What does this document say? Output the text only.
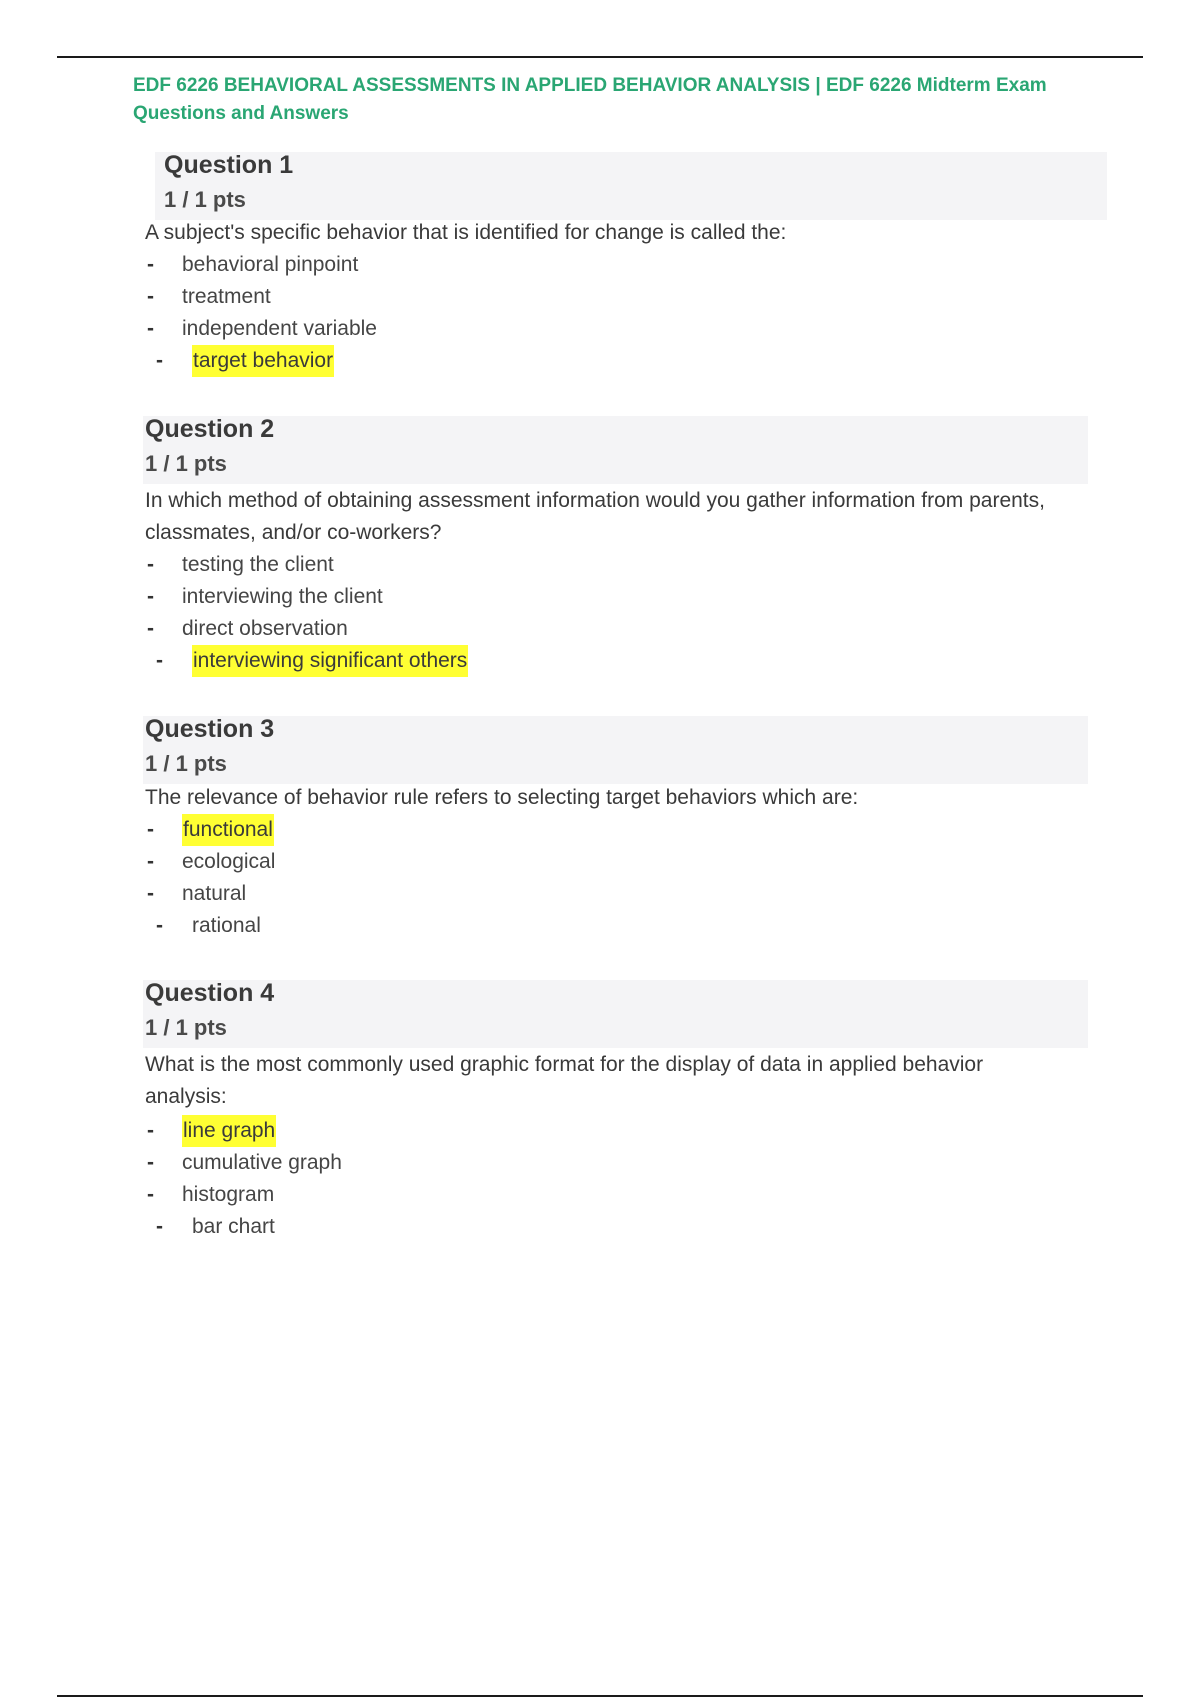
EDF 6226 BEHAVIORAL ASSESSMENTS IN APPLIED BEHAVIOR ANALYSIS | EDF 6226 Midterm Exam Questions and Answers
Question 1
1 / 1 pts
A subject's specific behavior that is identified for change is called the:
- behavioral pinpoint
- treatment
- independent variable
- target behavior
Question 2
1 / 1 pts
In which method of obtaining assessment information would you gather information from parents, classmates, and/or co-workers?
- testing the client
- interviewing the client
- direct observation
- interviewing significant others
Question 3
1 / 1 pts
The relevance of behavior rule refers to selecting target behaviors which are:
- functional
- ecological
- natural
- rational
Question 4
1 / 1 pts
What is the most commonly used graphic format for the display of data in applied behavior analysis:
- line graph
- cumulative graph
- histogram
- bar chart
